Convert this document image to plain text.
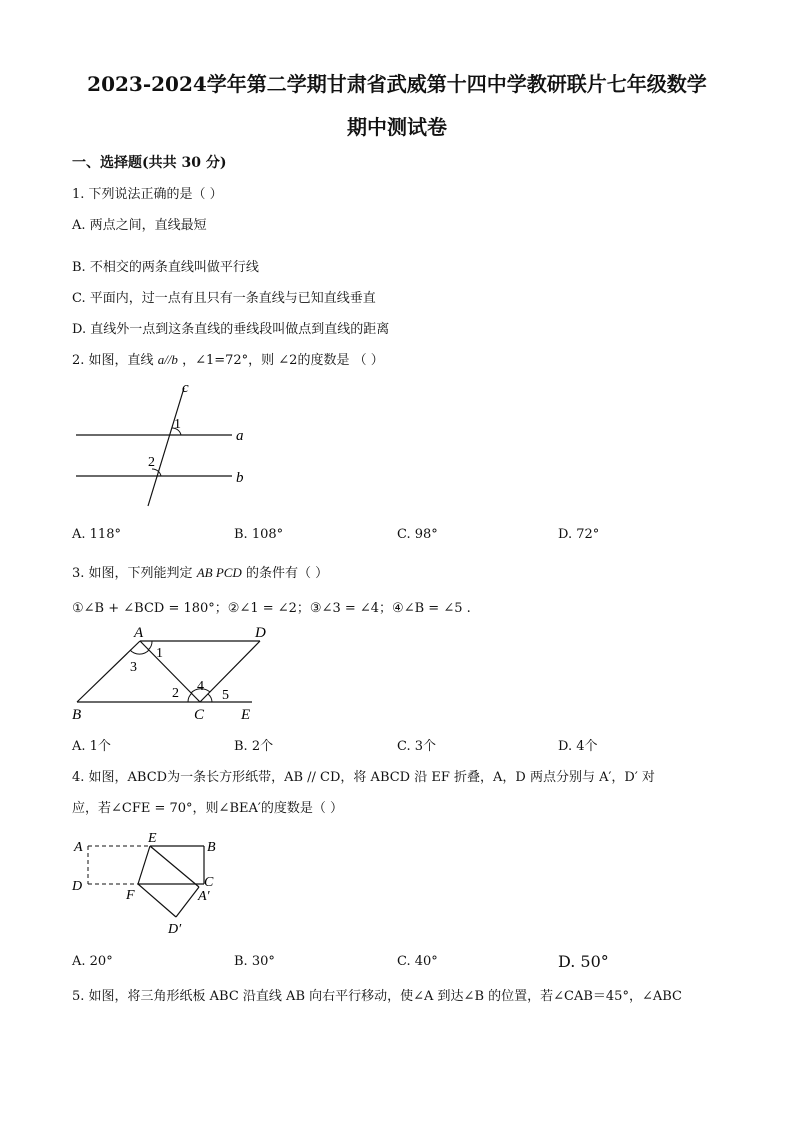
2023-2024学年第二学期甘肃省武威第十四中学教研联片七年级数学
期中测试卷
一、选择题(共共 30 分)
1. 下列说法正确的是（ ）
A. 两点之间，直线最短
B. 不相交的两条直线叫做平行线
C. 平面内，过一点有且只有一条直线与已知直线垂直
D. 直线外一点到这条直线的垂线段叫做点到直线的距离
2. 如图，直线 a//b ，∠1=72°，则 ∠2的度数是 （ ）
c
a
b
1
2
A. 118°	B. 108°	C. 98°	D. 72°
3. 如图，下列能判定 AB PCD 的条件有（ ）
①∠B + ∠BCD = 180°；②∠1 = ∠2；③∠3 = ∠4；④∠B = ∠5 .
A	D
B	C E
1
3
2 4
5
A. 1个	B. 2个	C. 3个	D. 4个
4. 如图，ABCD为一条长方形纸带，AB // CD，将 ABCD 沿 EF 折叠，A，D 两点分别与 A′，D′ 对
应，若∠CFE = 70°，则∠BEA′的度数是（ ）
A
E
B
D	C
F	A′
D′
A. 20°	B. 30°	C. 40°	D. 50°
5. 如图，将三角形纸板 ABC 沿直线 AB 向右平行移动，使∠A 到达∠B 的位置，若∠CAB＝45°，∠ABC
